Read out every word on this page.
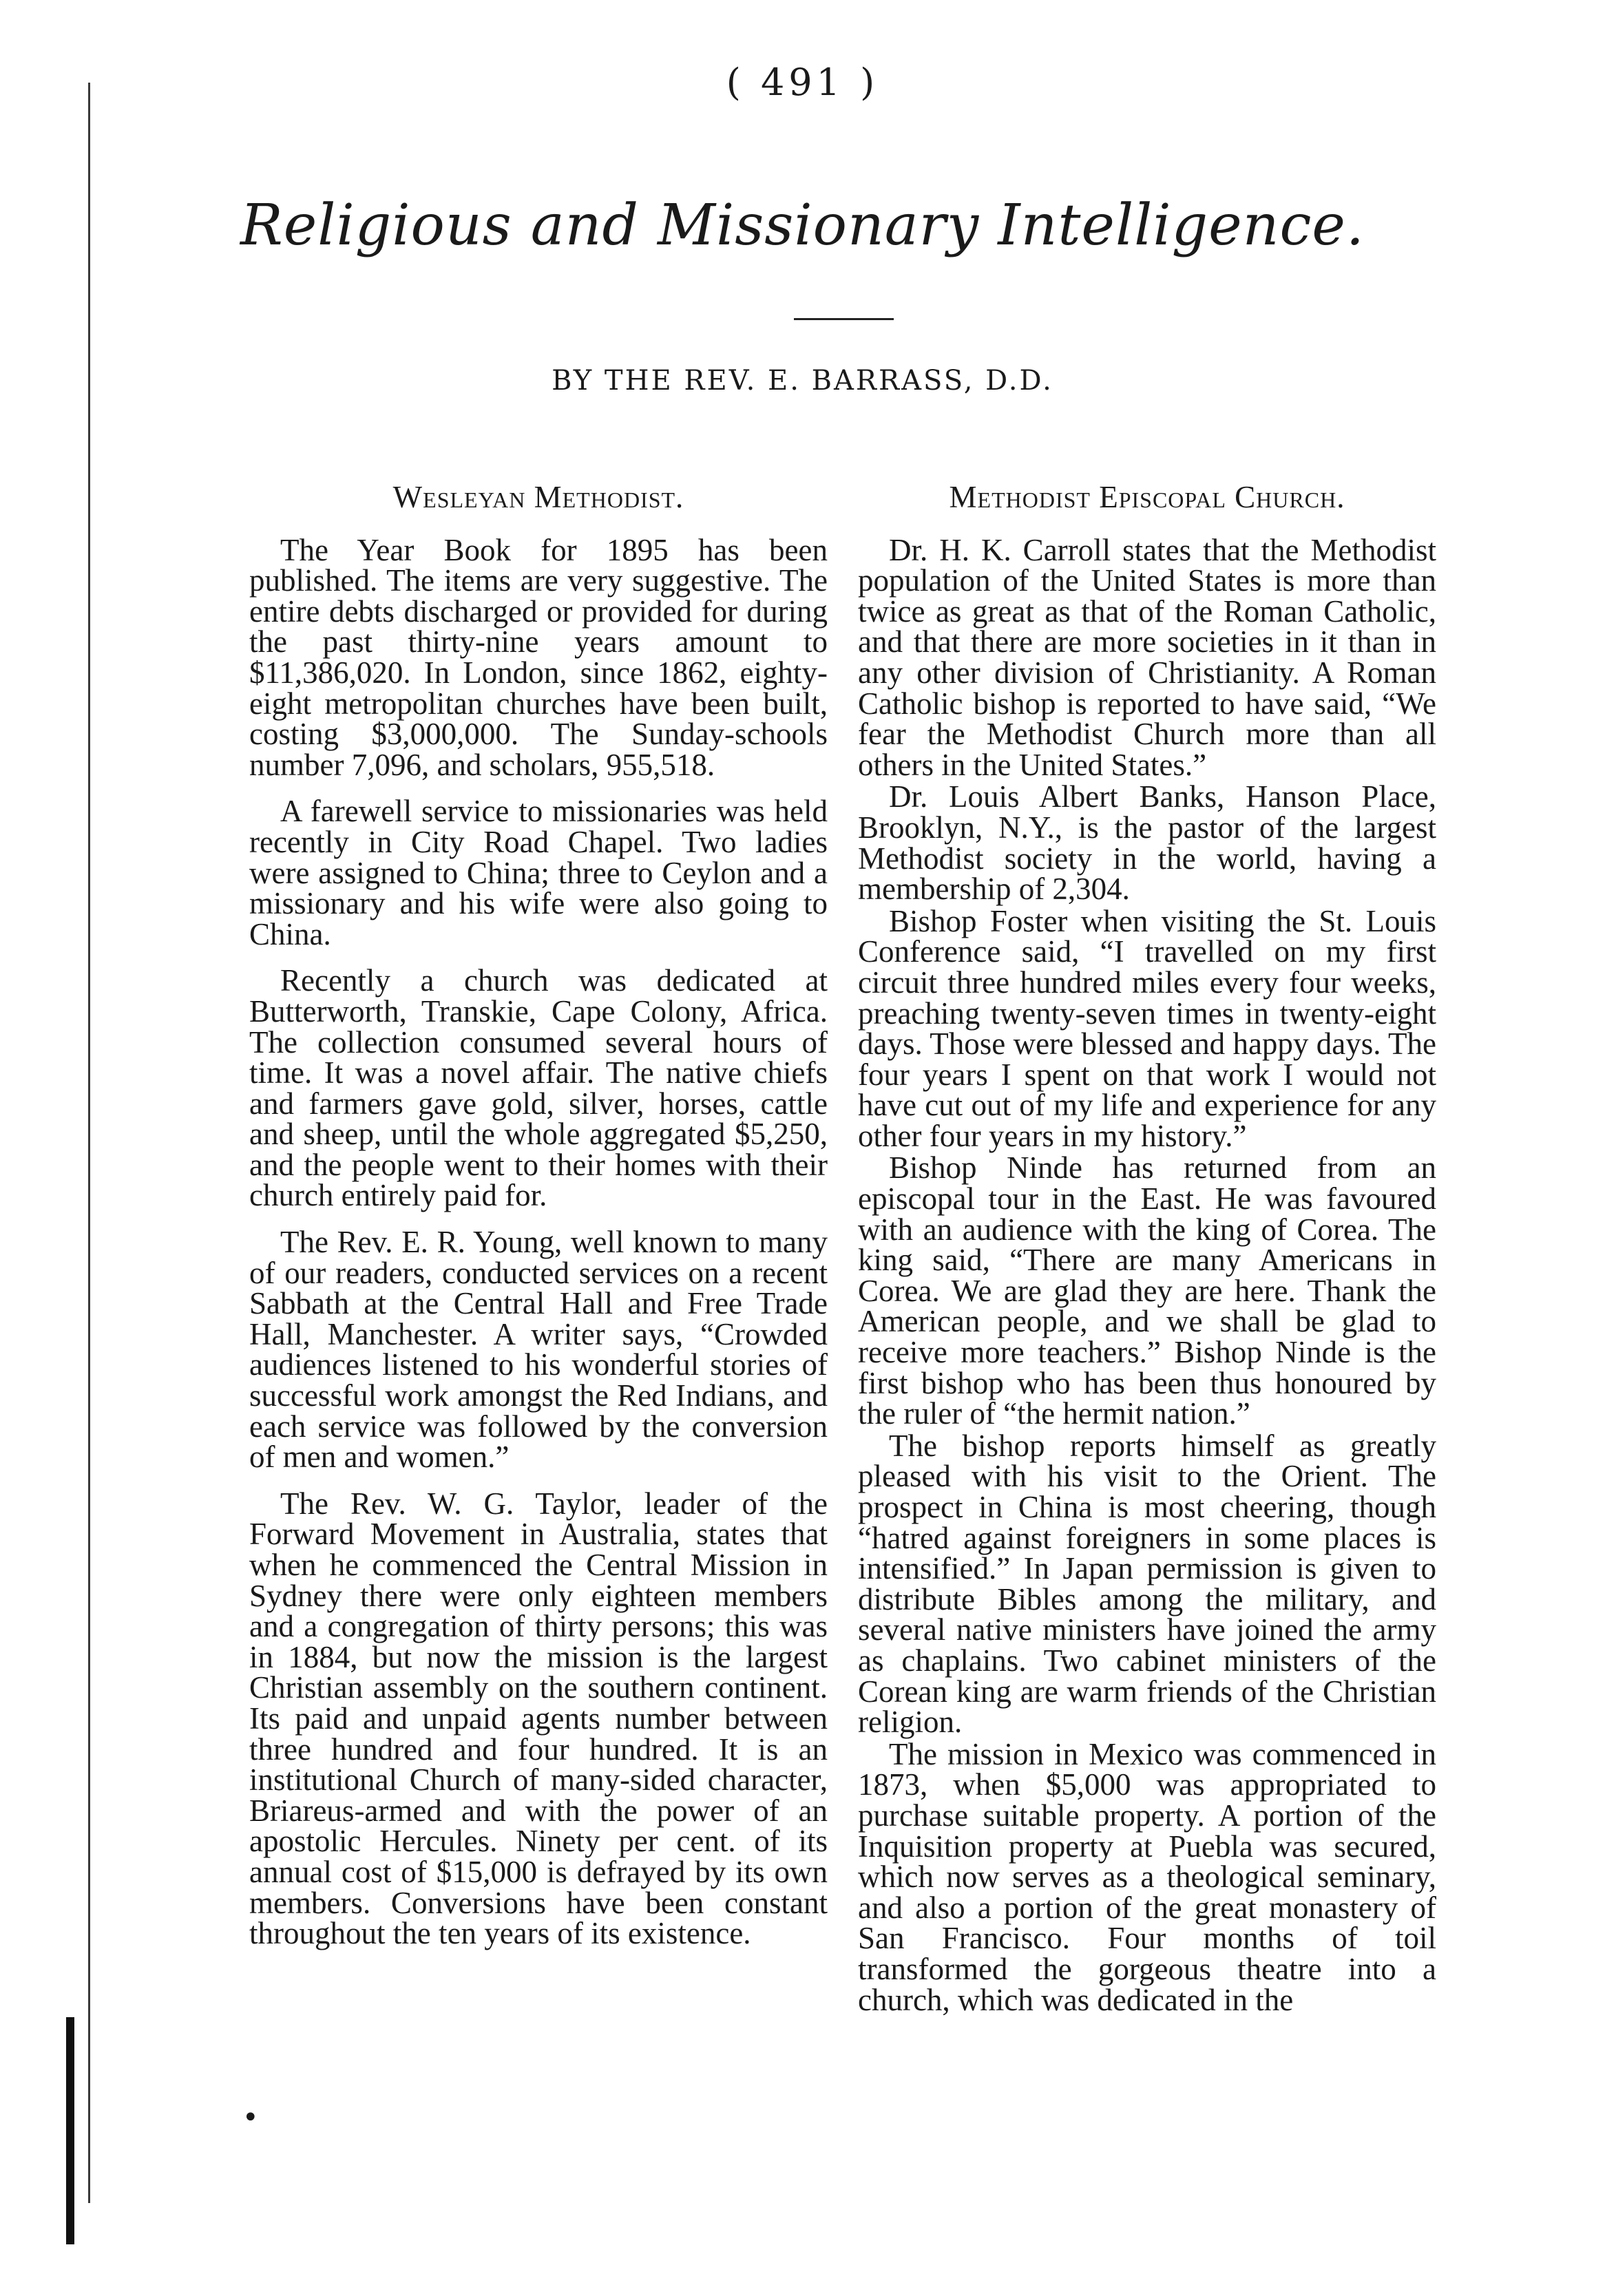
( 491 )
Religious and Missionary Intelligence.
BY THE REV. E. BARRASS, D.D.
Wesleyan Methodist.

The Year Book for 1895 has been published. The items are very suggestive. The entire debts discharged or provided for during the past thirty-nine years amount to $11,386,020. In London, since 1862, eighty-eight metropolitan churches have been built, costing $3,000,000. The Sunday-schools number 7,096, and scholars, 955,518.

A farewell service to missionaries was held recently in City Road Chapel. Two ladies were assigned to China; three to Ceylon and a missionary and his wife were also going to China.

Recently a church was dedicated at Butterworth, Transkie, Cape Colony, Africa. The collection consumed several hours of time. It was a novel affair. The native chiefs and farmers gave gold, silver, horses, cattle and sheep, until the whole aggregated $5,250, and the people went to their homes with their church entirely paid for.

The Rev. E. R. Young, well known to many of our readers, conducted services on a recent Sabbath at the Central Hall and Free Trade Hall, Manchester. A writer says, “Crowded audiences listened to his wonderful stories of successful work amongst the Red Indians, and each service was followed by the conversion of men and women.”

The Rev. W. G. Taylor, leader of the Forward Movement in Australia, states that when he commenced the Central Mission in Sydney there were only eighteen members and a congregation of thirty persons; this was in 1884, but now the mission is the largest Christian assembly on the southern continent. Its paid and unpaid agents number between three hundred and four hundred. It is an institutional Church of many-sided character, Briareus-armed and with the power of an apostolic Hercules. Ninety per cent. of its annual cost of $15,000 is defrayed by its own members. Conversions have been constant throughout the ten years of its existence.

Methodist Episcopal Church.

Dr. H. K. Carroll states that the Methodist population of the United States is more than twice as great as that of the Roman Catholic, and that there are more societies in it than in any other division of Christianity. A Roman Catholic bishop is reported to have said, “We fear the Methodist Church more than all others in the United States.”

Dr. Louis Albert Banks, Hanson Place, Brooklyn, N.Y., is the pastor of the largest Methodist society in the world, having a membership of 2,304.

Bishop Foster when visiting the St. Louis Conference said, “I travelled on my first circuit three hundred miles every four weeks, preaching twenty-seven times in twenty-eight days. Those were blessed and happy days. The four years I spent on that work I would not have cut out of my life and experience for any other four years in my history.”

Bishop Ninde has returned from an episcopal tour in the East. He was favoured with an audience with the king of Corea. The king said, “There are many Americans in Corea. We are glad they are here. Thank the American people, and we shall be glad to receive more teachers.” Bishop Ninde is the first bishop who has been thus honoured by the ruler of “the hermit nation.”

The bishop reports himself as greatly pleased with his visit to the Orient. The prospect in China is most cheering, though “hatred against foreigners in some places is intensified.” In Japan permission is given to distribute Bibles among the military, and several native ministers have joined the army as chaplains. Two cabinet ministers of the Corean king are warm friends of the Christian religion.

The mission in Mexico was commenced in 1873, when $5,000 was appropriated to purchase suitable property. A portion of the Inquisition property at Puebla was secured, which now serves as a theological seminary, and also a portion of the great monastery of San Francisco. Four months of toil transformed the gorgeous theatre into a church, which was dedicated in the

•
